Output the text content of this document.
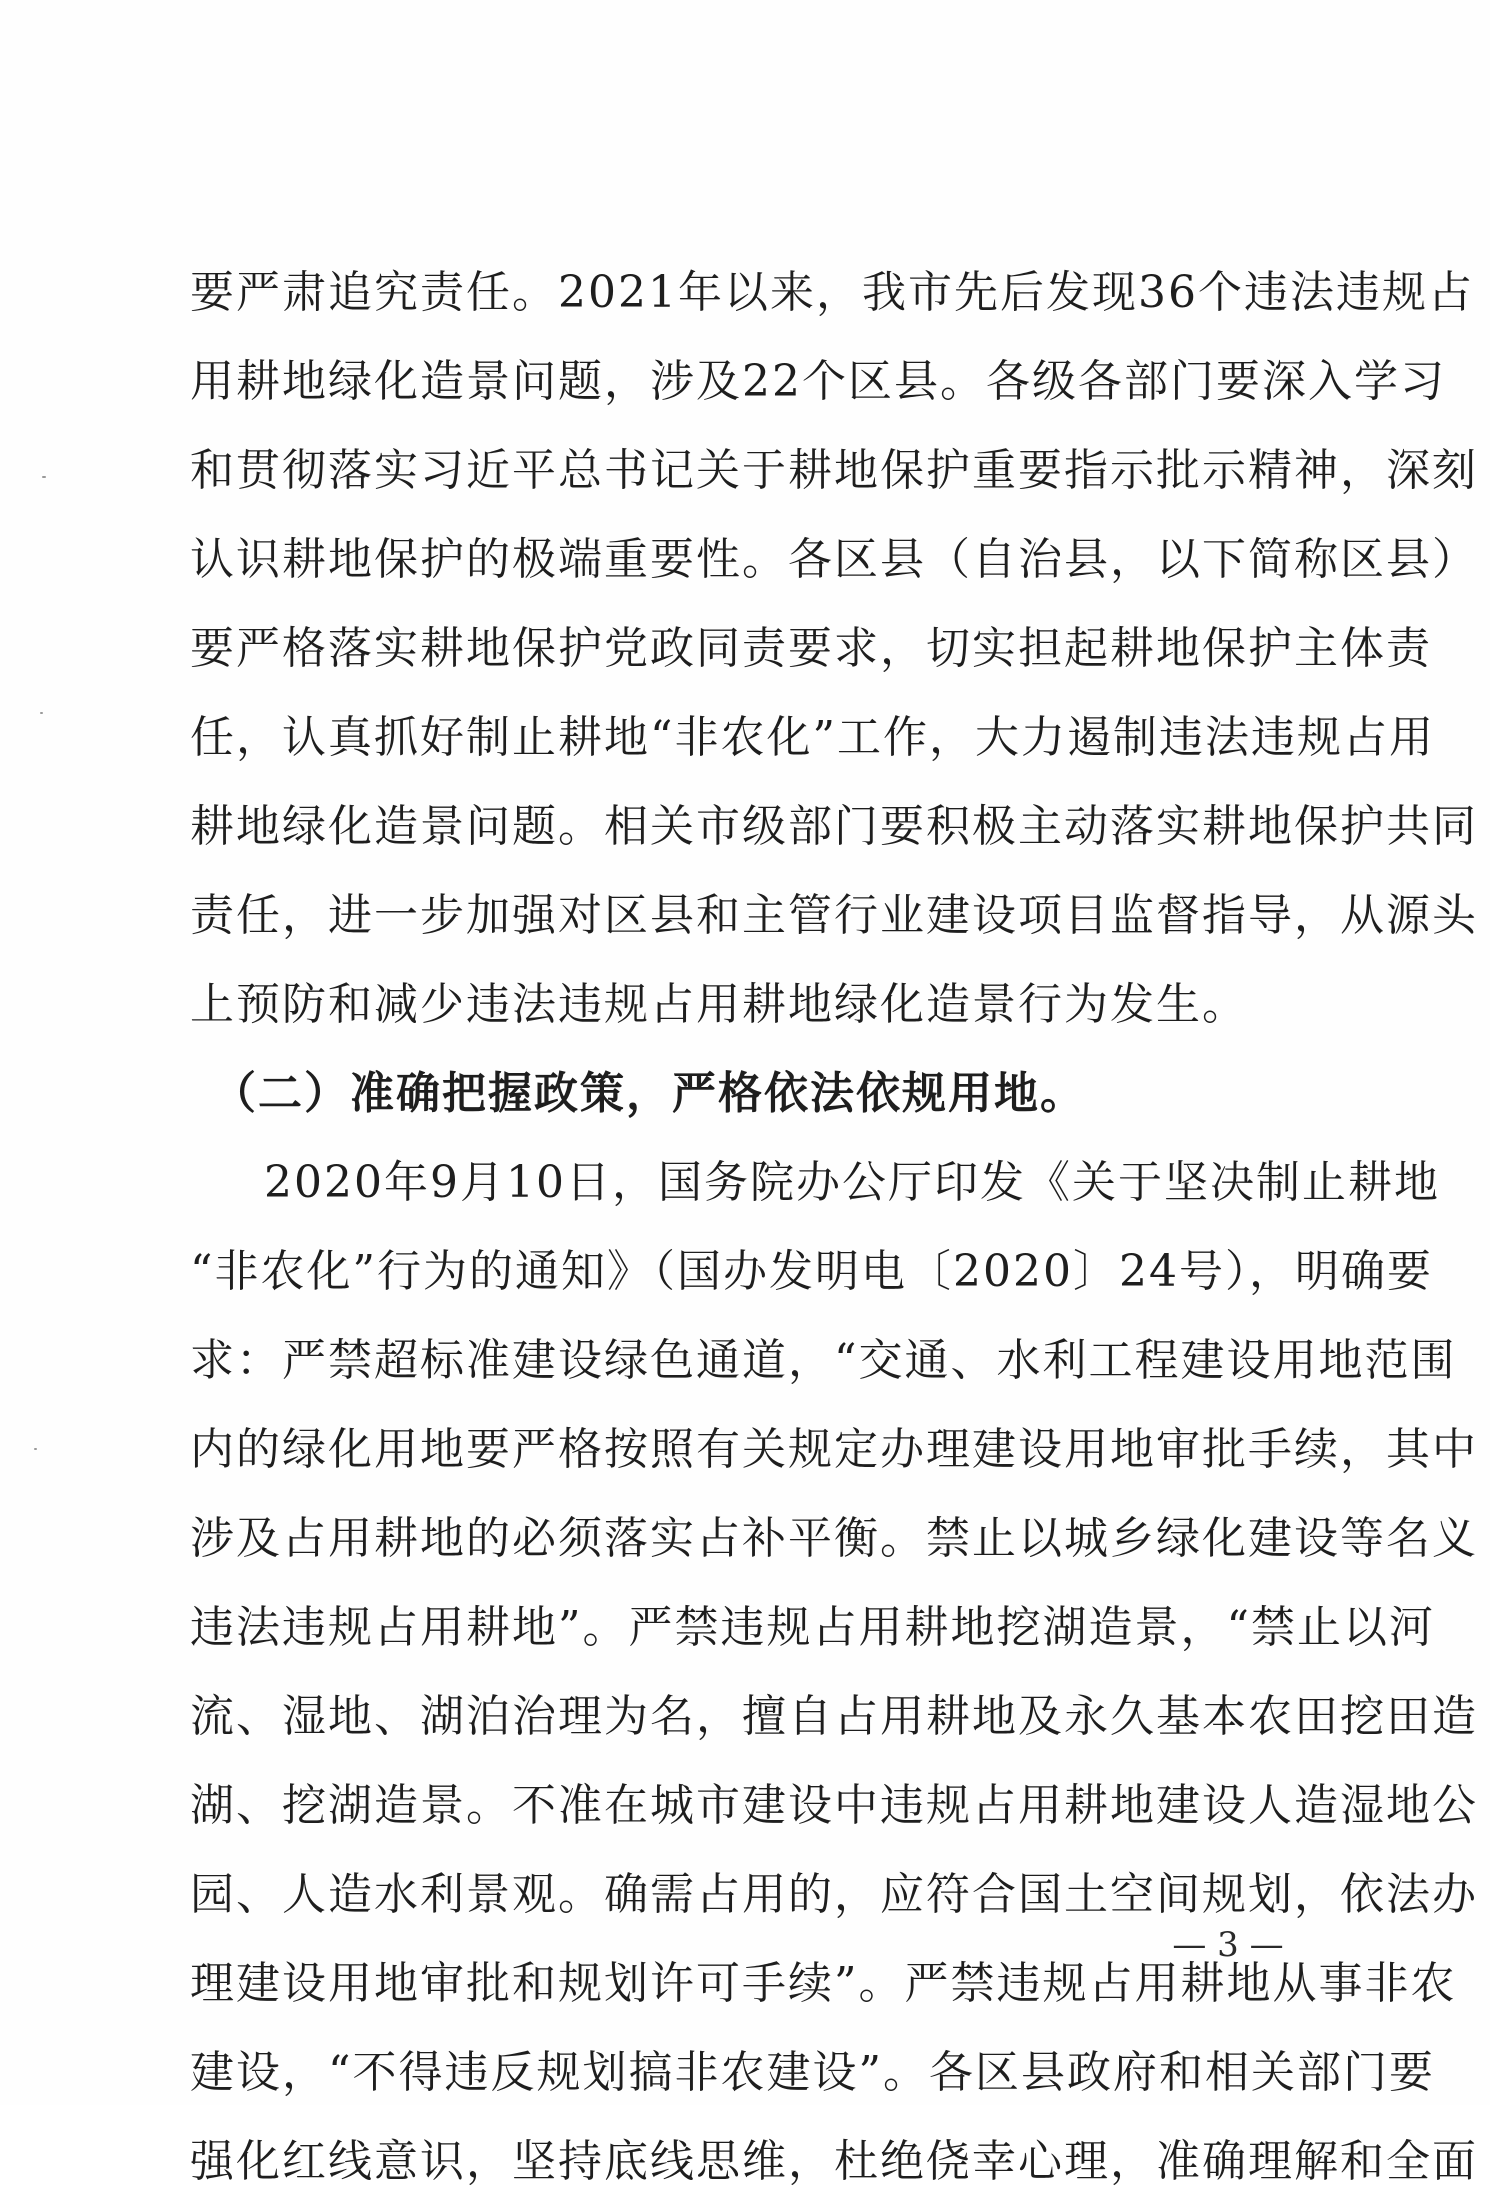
要严肃追究责任。2021年以来，我市先后发现36个违法违规占
用耕地绿化造景问题，涉及22个区县。各级各部门要深入学习
和贯彻落实习近平总书记关于耕地保护重要指示批示精神，深刻
认识耕地保护的极端重要性。各区县（自治县，以下简称区县）
要严格落实耕地保护党政同责要求，切实担起耕地保护主体责
任，认真抓好制止耕地“非农化”工作，大力遏制违法违规占用
耕地绿化造景问题。相关市级部门要积极主动落实耕地保护共同
责任，进一步加强对区县和主管行业建设项目监督指导，从源头
上预防和减少违法违规占用耕地绿化造景行为发生。
（二）准确把握政策，严格依法依规用地。
2020年9月10日，国务院办公厅印发《关于坚决制止耕地
“非农化”行为的通知》（国办发明电〔2020〕24号），明确要
求：严禁超标准建设绿色通道，“交通、水利工程建设用地范围
内的绿化用地要严格按照有关规定办理建设用地审批手续，其中
涉及占用耕地的必须落实占补平衡。禁止以城乡绿化建设等名义
违法违规占用耕地”。严禁违规占用耕地挖湖造景，“禁止以河
流、湿地、湖泊治理为名，擅自占用耕地及永久基本农田挖田造
湖、挖湖造景。不准在城市建设中违规占用耕地建设人造湿地公
园、人造水利景观。确需占用的，应符合国土空间规划，依法办
理建设用地审批和规划许可手续”。严禁违规占用耕地从事非农
建设，“不得违反规划搞非农建设”。各区县政府和相关部门要
强化红线意识，坚持底线思维，杜绝侥幸心理，准确理解和全面
— 3 —
